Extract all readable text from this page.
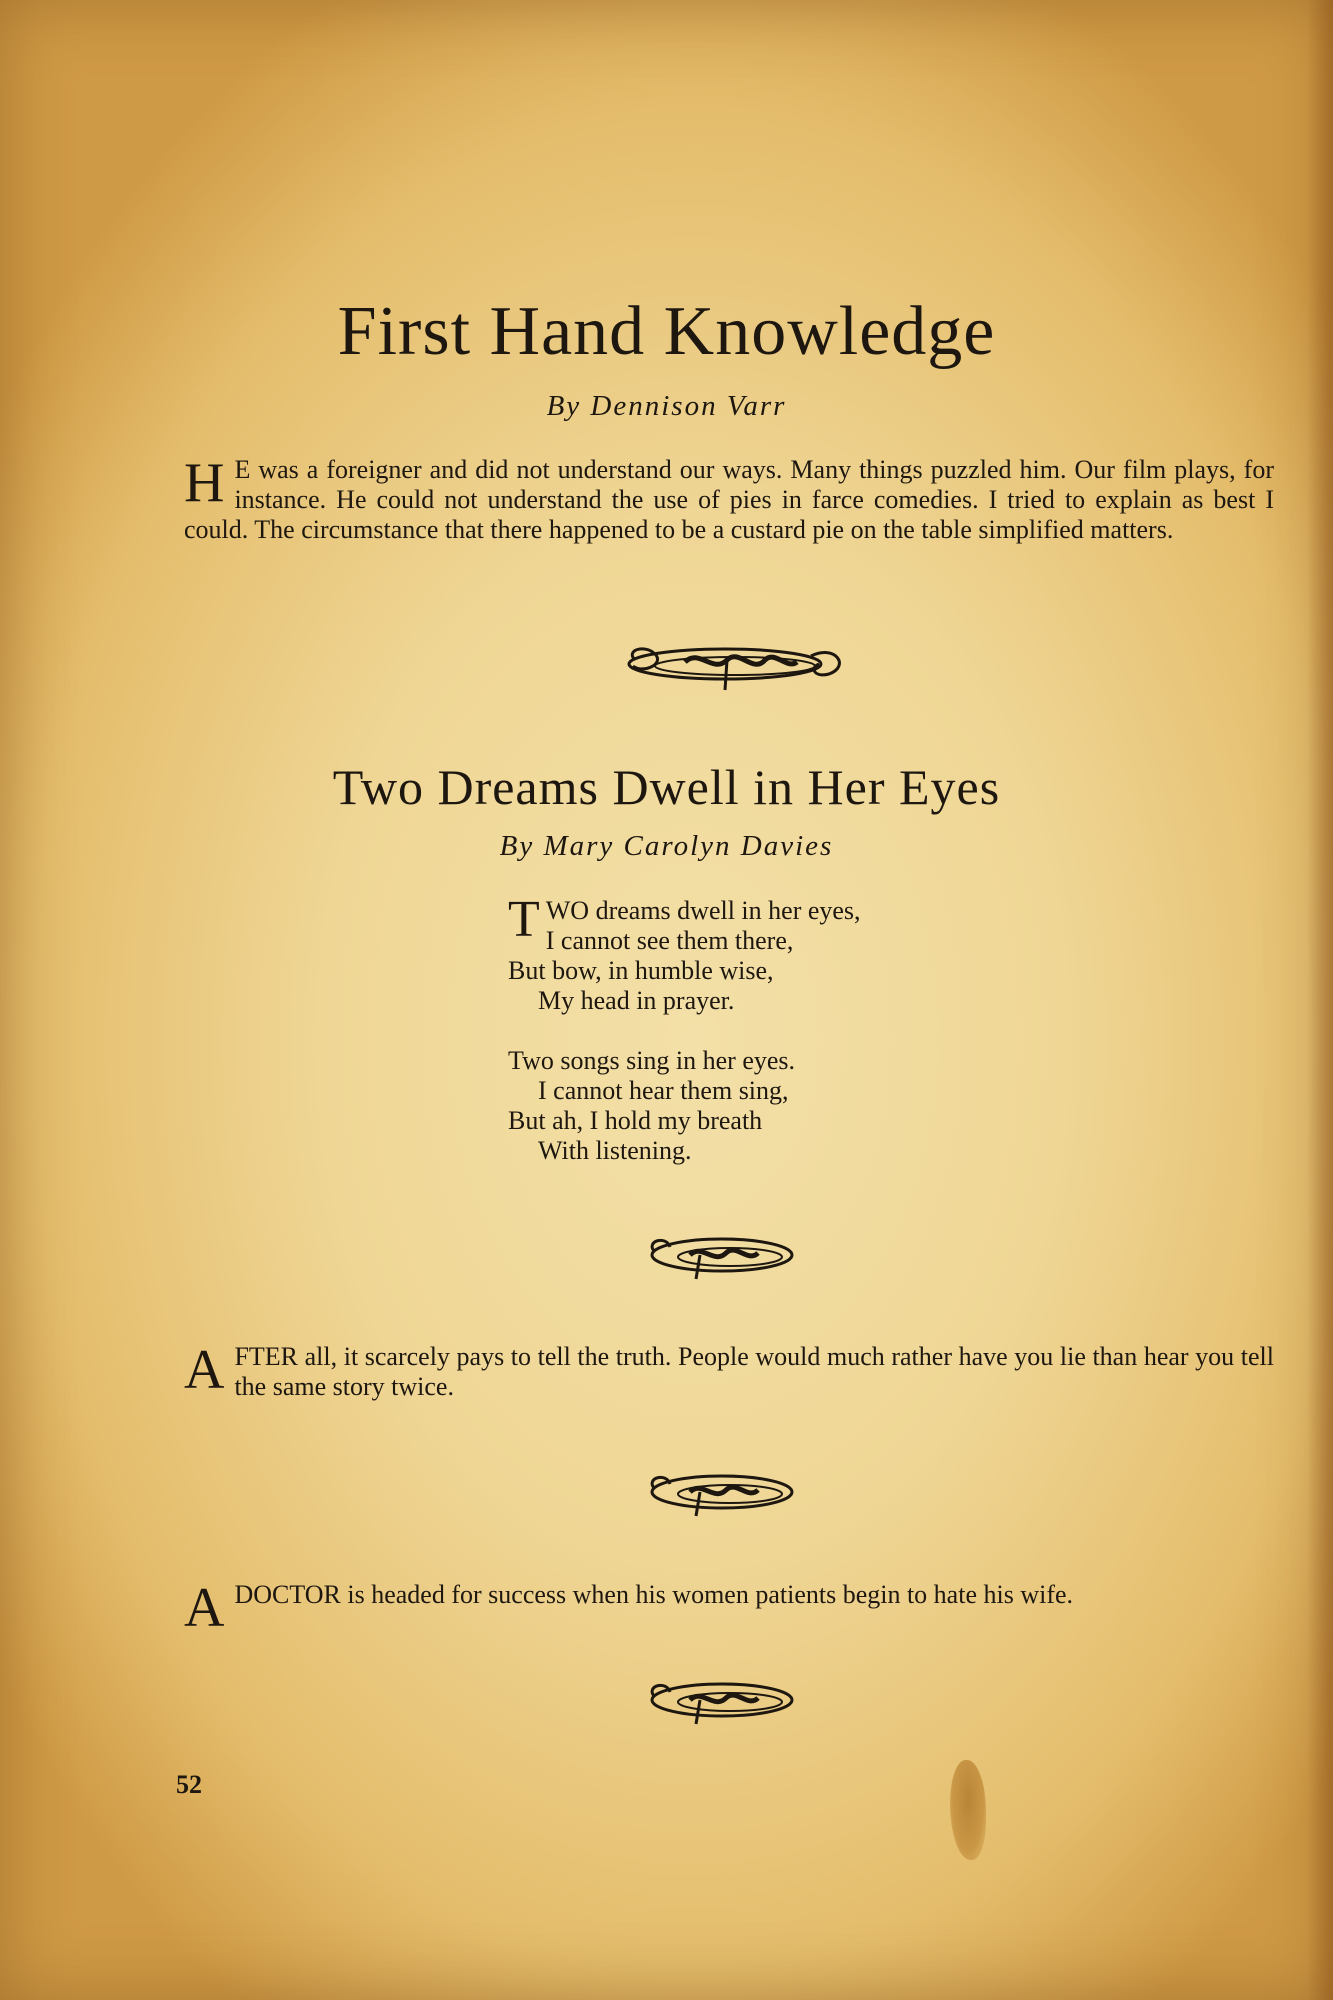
First Hand Knowledge

By Dennison Varr

H E was a foreigner and did not understand our ways. Many things puzzled him. Our film plays, for instance. He could not understand the use of pies in farce comedies. I tried to explain as best I could. The circumstance that there happened to be a custard pie on the table simplified matters.

Two Dreams Dwell in Her Eyes

By Mary Carolyn Davies

T WO dreams dwell in her eyes,
I cannot see them there,
But bow, in humble wise,
My head in prayer.
Two songs sing in her eyes.
I cannot hear them sing,
But ah, I hold my breath
With listening.

AFTER all, it scarcely pays to tell the truth. People would much rather have you lie than hear you tell the same story twice.

ADOCTOR is headed for success when his women patients begin to hate his wife.

52
